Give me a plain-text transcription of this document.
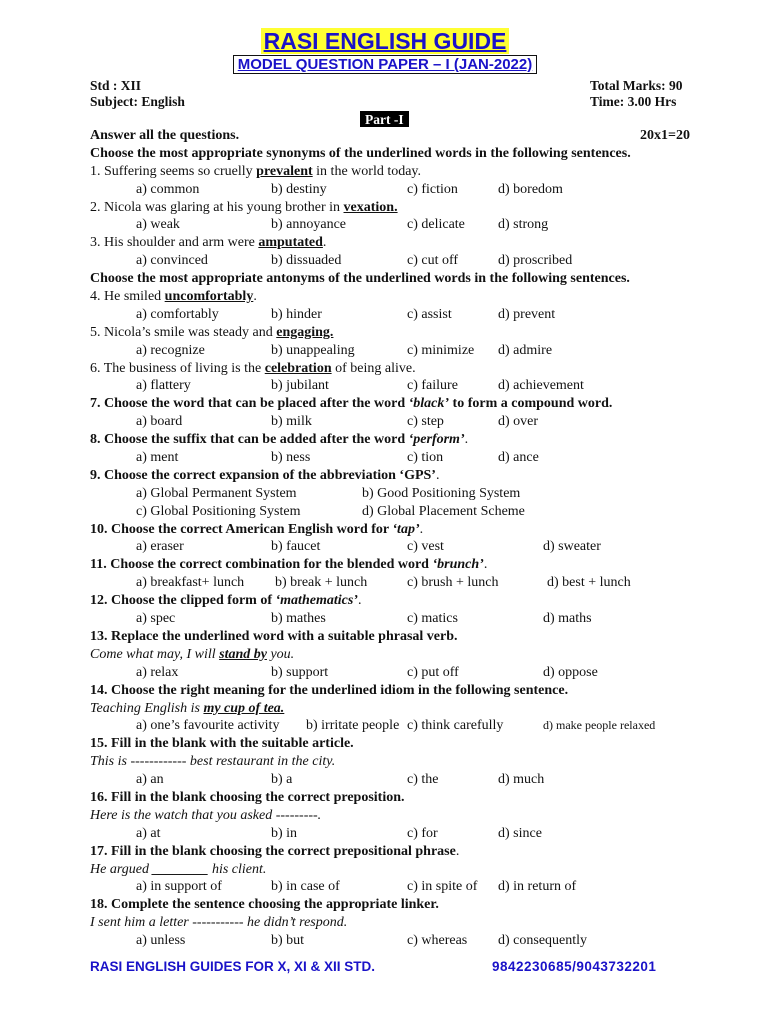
RASI ENGLISH GUIDE
MODEL QUESTION PAPER – I (JAN-2022)
Std : XII
Subject: English
Total Marks: 90
Time: 3.00 Hrs
Part -I
Answer all the questions.	20x1=20
Choose the most appropriate synonyms of the underlined words in the following sentences.
1. Suffering seems so cruelly prevalent in the world today.
a) common	b) destiny	c) fiction	d) boredom
2. Nicola was glaring at his young brother in vexation.
a) weak	b) annoyance	c) delicate d) strong
3. His shoulder and arm were amputated.
a) convinced	b) dissuaded	c) cut off	d) proscribed
Choose the most appropriate antonyms of the underlined words in the following sentences.
4. He smiled uncomfortably.
a) comfortably	b) hinder	c) assist	d) prevent
5. Nicola’s smile was steady and engaging.
a) recognize	b) unappealing	c) minimize d) admire
6. The business of living is the celebration of being alive.
a) flattery	b) jubilant	c) failure	d) achievement
7. Choose the word that can be placed after the word ‘black’ to form a compound word.
a) board	b) milk	c) step	d) over
8. Choose the suffix that can be added after the word ‘perform’.
a) ment	b) ness	c) tion	d) ance
9. Choose the correct expansion of the abbreviation ‘GPS’.
a) Global Permanent System	b) Good Positioning System
c) Global Positioning System	d) Global Placement Scheme
10. Choose the correct American English word for ‘tap’.
a) eraser	b) faucet	c) vest	d) sweater
11. Choose the correct combination for the blended word ‘brunch’.
a) breakfast+ lunch b) break + lunch	c) brush + lunch	d) best + lunch
12. Choose the clipped form of ‘mathematics’.
a) spec	b) mathes	c) matics	d) maths
13. Replace the underlined word with a suitable phrasal verb.
Come what may, I will stand by you.
a) relax	b) support	c) put off	d) oppose
14. Choose the right meaning for the underlined idiom in the following sentence.
Teaching English is my cup of tea.
a) one’s favourite activity b) irritate people c) think carefully	d) make people relaxed
15. Fill in the blank with the suitable article.
This is ------------ best restaurant in the city.
a) an	b) a	c) the	d) much
16. Fill in the blank choosing the correct preposition.
Here is the watch that you asked ---------.
a) at	b) in	c) for	d) since
17. Fill in the blank choosing the correct prepositional phrase.
He argued ________ his client.
a) in support of	b) in case of	c) in spite of d) in return of
18. Complete the sentence choosing the appropriate linker.
I sent him a letter ----------- he didn’t respond.
a) unless	b) but	c) whereas d) consequently
RASI ENGLISH GUIDES FOR X, XI & XII STD.	9842230685/9043732201
